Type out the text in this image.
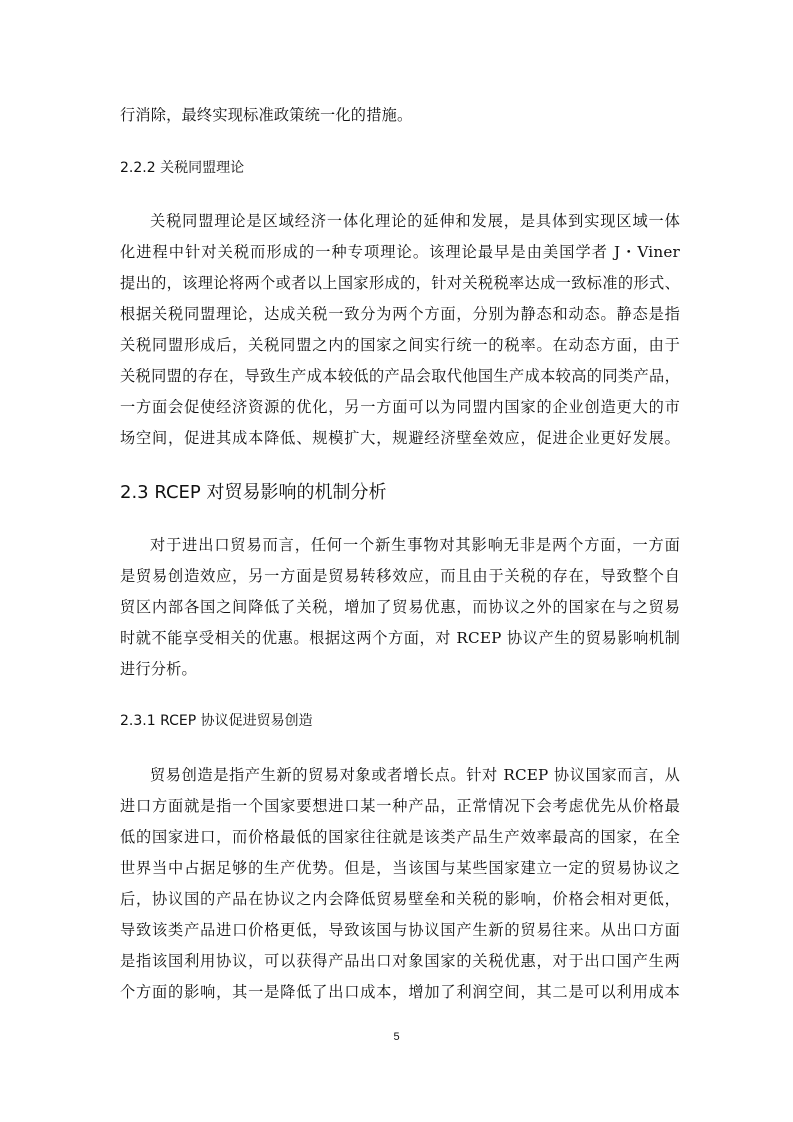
行消除，最终实现标准政策统一化的措施。
2.2.2 关税同盟理论
关税同盟理论是区域经济一体化理论的延伸和发展，是具体到实现区域一体
化进程中针对关税而形成的一种专项理论。该理论最早是由美国学者 J・Viner
提出的，该理论将两个或者以上国家形成的，针对关税税率达成一致标准的形式、
根据关税同盟理论，达成关税一致分为两个方面，分别为静态和动态。静态是指
关税同盟形成后，关税同盟之内的国家之间实行统一的税率。在动态方面，由于
关税同盟的存在，导致生产成本较低的产品会取代他国生产成本较高的同类产品，
一方面会促使经济资源的优化，另一方面可以为同盟内国家的企业创造更大的市
场空间，促进其成本降低、规模扩大，规避经济壁垒效应，促进企业更好发展。
2.3 RCEP 对贸易影响的机制分析
对于进出口贸易而言，任何一个新生事物对其影响无非是两个方面，一方面
是贸易创造效应，另一方面是贸易转移效应，而且由于关税的存在，导致整个自
贸区内部各国之间降低了关税，增加了贸易优惠，而协议之外的国家在与之贸易
时就不能享受相关的优惠。根据这两个方面，对 RCEP 协议产生的贸易影响机制
进行分析。
2.3.1 RCEP 协议促进贸易创造
贸易创造是指产生新的贸易对象或者增长点。针对 RCEP 协议国家而言，从
进口方面就是指一个国家要想进口某一种产品，正常情况下会考虑优先从价格最
低的国家进口，而价格最低的国家往往就是该类产品生产效率最高的国家，在全
世界当中占据足够的生产优势。但是，当该国与某些国家建立一定的贸易协议之
后，协议国的产品在协议之内会降低贸易壁垒和关税的影响，价格会相对更低，
导致该类产品进口价格更低，导致该国与协议国产生新的贸易往来。从出口方面
是指该国利用协议，可以获得产品出口对象国家的关税优惠，对于出口国产生两
个方面的影响，其一是降低了出口成本，增加了利润空间，其二是可以利用成本
5
